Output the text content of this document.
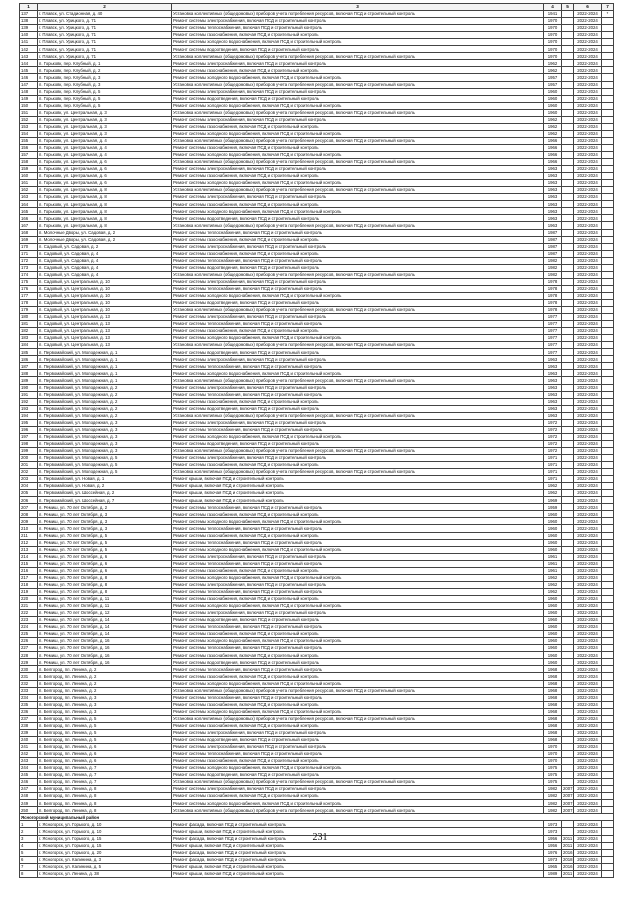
1	2	3	4	5	6	7
137	г. Плавск, ул. Стадионная, д. 40	Установка коллективных (общедомовых) приборов учета потребления ресурсов, включая ПСД и строительный контроль	1941		2022-2024	*
138	г. Плавск, ул. Урицкого, д. 71	Ремонт системы электроснабжения, включая ПСД и строительный контроль	1970		2022-2024	
139	г. Плавск, ул. Урицкого, д. 71	Ремонт системы теплоснабжения, включая ПСД и строительный контроль	1970		2022-2024	
140	г. Плавск, ул. Урицкого, д. 71	Ремонт системы газоснабжения, включая ПСД и строительный контроль	1970		2022-2024	
141	г. Плавск, ул. Урицкого, д. 71	Ремонт системы холодного водоснабжения, включая ПСД и строительный контроль	1970		2022-2024	
142	г. Плавск, ул. Урицкого, д. 71	Ремонт системы водоотведения, включая ПСД и строительный контроль	1970		2022-2024	
143	г. Плавск, ул. Урицкого, д. 71	Установка коллективных (общедомовых) приборов учета потребления ресурсов, включая ПСД и строительный контроль	1970		2022-2024	
144	п. Горьковк, пер. Клубный, д. 1	Ремонт системы электроснабжения, включая ПСД и строительный контроль	1962		2022-2024	
145	п. Горьковк, пер. Клубный, д. 2	Ремонт системы газоснабжения, включая ПСД и строительный контроль	1962		2022-2024	
146	п. Горьковк, пер. Клубный, д. 3	Ремонт системы холодного водоснабжения, включая ПСД и строительный контроль	1957		2022-2024	
147	п. Горьковк, пер. Клубный, д. 3	Установка коллективных (общедомовых) приборов учета потребления ресурсов, включая ПСД и строительный контроль	1957		2022-2024	
148	п. Горьковк, пер. Клубный, д. 5	Ремонт системы электроснабжения, включая ПСД и строительный контроль	1960		2022-2024	
149	п. Горьковк, пер. Клубный, д. 5	Ремонт системы водоотведения, включая ПСД и строительный контроль	1960		2022-2024	
150	п. Горьковк, пер. Клубный, д. 5	Ремонт системы холодного водоснабжения, включая ПСД и строительный контроль	1960		2022-2024	
151	п. Горьковк, ул. Центральная, д. 3	Установка коллективных (общедомовых) приборов учета потребления ресурсов, включая ПСД и строительный контроль	1960		2022-2024	
152	п. Горьковк, ул. Центральная, д. 3	Ремонт системы электроснабжения, включая ПСД и строительный контроль	1962		2022-2024	
153	п. Горьковк, ул. Центральная, д. 3	Ремонт системы газоснабжения, включая ПСД и строительный контроль	1962		2022-2024	
154	п. Горьковк, ул. Центральная, д. 3	Ремонт системы холодного водоснабжения, включая ПСД и строительный контроль	1962		2022-2024	
155	п. Горьковк, ул. Центральная, д. 4	Установка коллективных (общедомовых) приборов учета потребления ресурсов, включая ПСД и строительный контроль	1966		2022-2024	
156	п. Горьковк, ул. Центральная, д. 4	Ремонт системы газоснабжения, включая ПСД и строительный контроль	1966		2022-2024	
157	п. Горьковк, ул. Центральная, д. 4	Ремонт системы холодного водоснабжения, включая ПСД и строительный контроль	1966		2022-2024	
158	п. Горьковк, ул. Центральная, д. 6	Установка коллективных (общедомовых) приборов учета потребления ресурсов, включая ПСД и строительный контроль	1966		2022-2024	
159	п. Горьковк, ул. Центральная, д. 6	Ремонт системы электроснабжения, включая ПСД и строительный контроль	1963		2022-2024	
160	п. Горьковк, ул. Центральная, д. 6	Ремонт системы газоснабжения, включая ПСД и строительный контроль	1963		2022-2024	
161	п. Горьковк, ул. Центральная, д. 6	Ремонт системы холодного водоснабжения, включая ПСД и строительный контроль	1963		2022-2024	
162	п. Горьковк, ул. Центральная, д. 8	Установка коллективных (общедомовых) приборов учета потребления ресурсов, включая ПСД и строительный контроль	1963		2022-2024	
163	п. Горьковк, ул. Центральная, д. 8	Ремонт системы электроснабжения, включая ПСД и строительный контроль	1963		2022-2024	
164	п. Горьковк, ул. Центральная, д. 8	Ремонт системы газоснабжения, включая ПСД и строительный контроль	1963		2022-2024	
165	п. Горьковк, ул. Центральная, д. 8	Ремонт системы холодного водоснабжения, включая ПСД и строительный контроль	1963		2022-2024	
166	п. Горьковк, ул. Центральная, д. 8	Ремонт системы водоотведения, включая ПСД и строительный контроль	1963		2022-2024	
167	п. Горьковк, ул. Центральная, д. 8	Установка коллективных (общедомовых) приборов учета потребления ресурсов, включая ПСД и строительный контроль	1963		2022-2024	
168	п. Молочные Дворы, ул. Садовая, д. 2	Ремонт системы теплоснабжения, включая ПСД и строительный контроль	1987		2022-2024	
169	п. Молочные Дворы, ул. Садовая, д. 2	Ремонт системы газоснабжения, включая ПСД и строительный контроль	1987		2022-2024	
170	п. Садовый, ул. Садовая, д. 2	Ремонт системы электроснабжения, включая ПСД и строительный контроль	1987		2022-2024	
171	п. Садовый, ул. Садовая, д. 4	Ремонт системы газоснабжения, включая ПСД и строительный контроль	1987		2022-2024	
172	п. Садовый, ул. Садовая, д. 4	Ремонт системы теплоснабжения, включая ПСД и строительный контроль	1982		2022-2024	
173	п. Садовый, ул. Садовая, д. 4	Ремонт системы водоотведения, включая ПСД и строительный контроль	1982		2022-2024	
174	п. Садовый, ул. Садовая, д. 4	Установка коллективных (общедомовых) приборов учета потребления ресурсов, включая ПСД и строительный контроль	1982		2022-2024	
175	п. Садовый, ул. Центральная, д. 10	Ремонт системы электроснабжения, включая ПСД и строительный контроль	1978		2022-2024	
176	п. Садовый, ул. Центральная, д. 10	Ремонт системы теплоснабжения, включая ПСД и строительный контроль	1978		2022-2024	
177	п. Садовый, ул. Центральная, д. 10	Ремонт системы холодного водоснабжения, включая ПСД и строительный контроль	1978		2022-2024	
178	п. Садовый, ул. Центральная, д. 10	Ремонт системы водоотведения, включая ПСД и строительный контроль	1978		2022-2024	
179	п. Садовый, ул. Центральная, д. 10	Установка коллективных (общедомовых) приборов учета потребления ресурсов, включая ПСД и строительный контроль	1978		2022-2024	
180	п. Садовый, ул. Центральная, д. 13	Ремонт системы электроснабжения, включая ПСД и строительный контроль	1977		2022-2024	
181	п. Садовый, ул. Центральная, д. 13	Ремонт системы теплоснабжения, включая ПСД и строительный контроль	1977		2022-2024	
182	п. Садовый, ул. Центральная, д. 13	Ремонт системы газоснабжения, включая ПСД и строительный контроль	1977		2022-2024	
183	п. Садовый, ул. Центральная, д. 13	Ремонт системы холодного водоснабжения, включая ПСД и строительный контроль	1977		2022-2024	
184	п. Садовый, ул. Центральная, д. 13	Установка коллективных (общедомовых) приборов учета потребления ресурсов, включая ПСД и строительный контроль	1977		2022-2024	
185	п. Первомайский, ул. Молодежная, д. 1	Ремонт системы водоотведения, включая ПСД и строительный контроль	1977		2022-2024	
186	п. Первомайский, ул. Молодежная, д. 1	Ремонт системы электроснабжения, включая ПСД и строительный контроль	1963		2022-2024	
187	п. Первомайский, ул. Молодежная, д. 1	Ремонт системы теплоснабжения, включая ПСД и строительный контроль	1963		2022-2024	
188	п. Первомайский, ул. Молодежная, д. 1	Ремонт системы холодного водоснабжения, включая ПСД и строительный контроль	1963		2022-2024	
189	п. Первомайский, ул. Молодежная, д. 1	Установка коллективных (общедомовых) приборов учета потребления ресурсов, включая ПСД и строительный контроль	1963		2022-2024	
190	п. Первомайский, ул. Молодежная, д. 2	Ремонт системы электроснабжения, включая ПСД и строительный контроль	1963		2022-2024	
191	п. Первомайский, ул. Молодежная, д. 2	Ремонт системы теплоснабжения, включая ПСД и строительный контроль	1963		2022-2024	
192	п. Первомайский, ул. Молодежная, д. 2	Ремонт системы газоснабжения, включая ПСД и строительный контроль	1963		2022-2024	
193	п. Первомайский, ул. Молодежная, д. 2	Ремонт системы водоотведения, включая ПСД и строительный контроль	1963		2022-2024	
194	п. Первомайский, ул. Молодежная, д. 2	Установка коллективных (общедомовых) приборов учета потребления ресурсов, включая ПСД и строительный контроль	1963		2022-2024	
195	п. Первомайский, ул. Молодежная, д. 3	Ремонт системы электроснабжения, включая ПСД и строительный контроль	1972		2022-2024	
196	п. Первомайский, ул. Молодежная, д. 3	Ремонт системы теплоснабжения, включая ПСД и строительный контроль	1972		2022-2024	
197	п. Первомайский, ул. Молодежная, д. 3	Ремонт системы холодного водоснабжения, включая ПСД и строительный контроль	1972		2022-2024	
198	п. Первомайский, ул. Молодежная, д. 3	Ремонт системы водоотведения, включая ПСД и строительный контроль	1972		2022-2024	
199	п. Первомайский, ул. Молодежная, д. 3	Установка коллективных (общедомовых) приборов учета потребления ресурсов, включая ПСД и строительный контроль	1972		2022-2024	
200	п. Первомайский, ул. Молодежная, д. 5	Ремонт системы электроснабжения, включая ПСД и строительный контроль	1971		2022-2024	
201	п. Первомайский, ул. Молодежная, д. 5	Ремонт системы газоснабжения, включая ПСД и строительный контроль	1971		2022-2024	
202	п. Первомайский, ул. Молодежная, д. 5	Установка коллективных (общедомовых) приборов учета потребления ресурсов, включая ПСД и строительный контроль	1971		2022-2024	
203	п. Первомайский, ул. Новая, д. 1	Ремонт крыши, включая ПСД и строительный контроль	1971		2022-2024	
204	п. Первомайский, ул. Новая, д. 2	Ремонт крыши, включая ПСД и строительный контроль	1962		2022-2024	
205	п. Первомайский, ул. Шоссейная, д. 2	Ремонт крыши, включая ПСД и строительный контроль	1962		2022-2024	
206	п. Первомайский, ул. Шоссейная, д. 7	Ремонт крыши, включая ПСД и строительный контроль	1969		2022-2024	
207	п. Ремиш, ул. 70 лет Октября, д. 2	Ремонт системы теплоснабжения, включая ПСД и строительный контроль	1959		2022-2024	
208	п. Ремиш, ул. 70 лет Октября, д. 3	Ремонт системы газоснабжения, включая ПСД и строительный контроль	1960		2022-2024	
209	п. Ремиш, ул. 70 лет Октября, д. 3	Ремонт системы холодного водоснабжения, включая ПСД и строительный контроль	1960		2022-2024	
210	п. Ремиш, ул. 70 лет Октября, д. 3	Ремонт системы теплоснабжения, включая ПСД и строительный контроль	1960		2022-2024	
211	п. Ремиш, ул. 70 лет Октября, д. 5	Ремонт системы газоснабжения, включая ПСД и строительный контроль	1960		2022-2024	
212	п. Ремиш, ул. 70 лет Октября, д. 5	Ремонт системы теплоснабжения, включая ПСД и строительный контроль	1960		2022-2024	
213	п. Ремиш, ул. 70 лет Октября, д. 5	Ремонт системы холодного водоснабжения, включая ПСД и строительный контроль	1960		2022-2024	
214	п. Ремиш, ул. 70 лет Октября, д. 6	Ремонт системы электроснабжения, включая ПСД и строительный контроль	1961		2022-2024	
215	п. Ремиш, ул. 70 лет Октября, д. 6	Ремонт системы теплоснабжения, включая ПСД и строительный контроль	1961		2022-2024	
216	п. Ремиш, ул. 70 лет Октября, д. 6	Ремонт системы газоснабжения, включая ПСД и строительный контроль	1961		2022-2024	
217	п. Ремиш, ул. 70 лет Октября, д. 8	Ремонт системы холодного водоснабжения, включая ПСД и строительный контроль	1962		2022-2024	
218	п. Ремиш, ул. 70 лет Октября, д. 8	Ремонт системы электроснабжения, включая ПСД и строительный контроль	1962		2022-2024	
219	п. Ремиш, ул. 70 лет Октября, д. 8	Ремонт системы теплоснабжения, включая ПСД и строительный контроль	1962		2022-2024	
220	п. Ремиш, ул. 70 лет Октября, д. 11	Ремонт системы газоснабжения, включая ПСД и строительный контроль	1960		2022-2024	
221	п. Ремиш, ул. 70 лет Октября, д. 11	Ремонт системы холодного водоснабжения, включая ПСД и строительный контроль	1960		2022-2024	
222	п. Ремиш, ул. 70 лет Октября, д. 12	Ремонт системы электроснабжения, включая ПСД и строительный контроль	1960		2022-2024	
223	п. Ремиш, ул. 70 лет Октября, д. 14	Ремонт системы водоотведения, включая ПСД и строительный контроль	1960		2022-2024	
224	п. Ремиш, ул. 70 лет Октября, д. 14	Ремонт системы теплоснабжения, включая ПСД и строительный контроль	1960		2022-2024	
225	п. Ремиш, ул. 70 лет Октября, д. 14	Ремонт системы газоснабжения, включая ПСД и строительный контроль	1960		2022-2024	
226	п. Ремиш, ул. 70 лет Октября, д. 16	Ремонт системы холодного водоснабжения, включая ПСД и строительный контроль	1960		2022-2024	
227	п. Ремиш, ул. 70 лет Октября, д. 16	Ремонт системы теплоснабжения, включая ПСД и строительный контроль	1960		2022-2024	
228	п. Ремиш, ул. 70 лет Октября, д. 16	Ремонт системы газоснабжения, включая ПСД и строительный контроль	1960		2022-2024	
229	п. Ремиш, ул. 70 лет Октября, д. 16	Ремонт системы водоотведения, включая ПСД и строительный контроль	1960		2022-2024	
230	п. Белгород, пл. Ленина, д. 2	Ремонт системы теплоснабжения, включая ПСД и строительный контроль	1968		2022-2024	
231	п. Белгород, пл. Ленина, д. 2	Ремонт системы газоснабжения, включая ПСД и строительный контроль	1968		2022-2024	
232	п. Белгород, пл. Ленина, д. 2	Ремонт системы холодного водоснабжения, включая ПСД и строительный контроль	1968		2022-2024	
233	п. Белгород, пл. Ленина, д. 2	Установка коллективных (общедомовых) приборов учета потребления ресурсов, включая ПСД и строительный контроль	1968		2022-2024	
234	п. Белгород, пл. Ленина, д. 3	Ремонт системы теплоснабжения, включая ПСД и строительный контроль	1968		2022-2024	
235	п. Белгород, пл. Ленина, д. 3	Ремонт системы газоснабжения, включая ПСД и строительный контроль	1968		2022-2024	
236	п. Белгород, пл. Ленина, д. 3	Ремонт системы холодного водоснабжения, включая ПСД и строительный контроль	1968		2022-2024	
237	п. Белгород, пл. Ленина, д. 5	Установка коллективных (общедомовых) приборов учета потребления ресурсов, включая ПСД и строительный контроль	1968		2022-2024	
238	п. Белгород, пл. Ленина, д. 5	Ремонт системы газоснабжения, включая ПСД и строительный контроль	1968		2022-2024	
239	п. Белгород, пл. Ленина, д. 5	Ремонт системы электроснабжения, включая ПСД и строительный контроль	1968		2022-2024	
240	п. Белгород, пл. Ленина, д. 5	Ремонт системы водоотведения, включая ПСД и строительный контроль	1968		2022-2024	
241	п. Белгород, пл. Ленина, д. 6	Ремонт системы электроснабжения, включая ПСД и строительный контроль	1970		2022-2024	
242	п. Белгород, пл. Ленина, д. 6	Ремонт системы теплоснабжения, включая ПСД и строительный контроль	1970		2022-2024	
243	п. Белгород, пл. Ленина, д. 6	Ремонт системы газоснабжения, включая ПСД и строительный контроль	1970		2022-2024	
244	п. Белгород, пл. Ленина, д. 7	Ремонт системы холодного водоснабжения, включая ПСД и строительный контроль	1975		2022-2024	
245	п. Белгород, пл. Ленина, д. 7	Ремонт системы водоотведения, включая ПСД и строительный контроль	1975		2022-2024	
246	п. Белгород, пл. Ленина, д. 7	Установка коллективных (общедомовых) приборов учета потребления ресурсов, включая ПСД и строительный контроль	1975		2022-2024	
247	п. Белгород, пл. Ленина, д. 8	Ремонт системы электроснабжения, включая ПСД и строительный контроль	1982	2007	2022-2024	
248	п. Белгород, пл. Ленина, д. 8	Ремонт системы газоснабжения, включая ПСД и строительный контроль	1982	2007	2022-2024	
249	п. Белгород, пл. Ленина, д. 8	Ремонт системы холодного водоснабжения, включая ПСД и строительный контроль	1982	2007	2022-2024	
250	п. Белгород, пл. Ленина, д. 8	Установка коллективных (общедомовых) приборов учета потребления ресурсов, включая ПСД и строительный контроль	1982	2007	2022-2024	
Ясногорский муниципальный район						
1	г. Ясногорск, ул. Горького, д. 10	Ремонт фасада, включая ПСД и строительный контроль	1973		2022-2024	
2	г. Ясногорск, ул. Горького, д. 10	Ремонт крыши, включая ПСД и строительный контроль	1973		2022-2024	
3	г. Ясногорск, ул. Горького, д. 15	Ремонт фасада, включая ПСД и строительный контроль	1956	2011	2022-2024	
4	г. Ясногорск, ул. Горького, д. 15	Ремонт крыши, включая ПСД и строительный контроль	1956	2011	2022-2024	
5	г. Ясногорск, ул. Горького, д. 20	Ремонт фасада, включая ПСД и строительный контроль	1976	2016	2022-2024	
6	г. Ясногорск, ул. Калинина, д. 3	Ремонт фасада, включая ПСД и строительный контроль	1973	2018	2022-2024	
7	г. Ясногорск, ул. Калинина, д. 5	Ремонт крыши, включая ПСД и строительный контроль	1965	2016	2022-2024	
8	г. Ясногорск, ул. Ленина, д. 38	Ремонт крыши, включая ПСД и строительный контроль	1989	2011	2022-2024	
231
